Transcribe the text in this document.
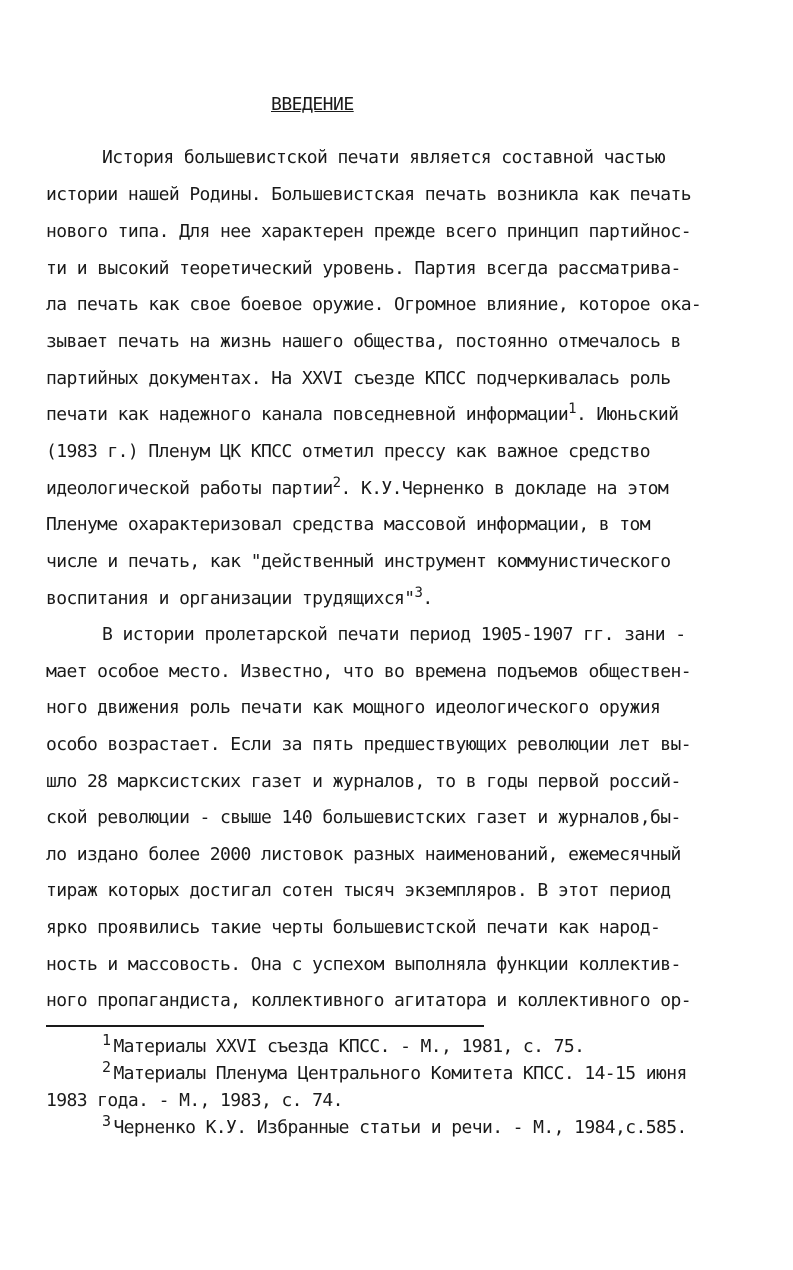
ВВЕДЕНИЕ
История большевистской печати является составной частью
истории нашей Родины. Большевистская печать возникла как печать
нового типа. Для нее характерен прежде всего принцип партийнос-
ти и высокий теоретический уровень. Партия всегда рассматрива-
ла печать как свое боевое оружие. Огромное влияние, которое ока-
зывает печать на жизнь нашего общества, постоянно отмечалось в
партийных документах. На XXVI съезде КПСС подчеркивалась роль
печати как надежного канала повседневной информации$^1$. Июньский
(1983 г.) Пленум ЦК КПСС отметил прессу как важное средство
идеологической работы партии$^2$. К.У.Черненко в докладе на этом
Пленуме охарактеризовал средства массовой информации, в том
числе и печать, как "действенный инструмент коммунистического
воспитания и организации трудящихся"$^3$.
В истории пролетарской печати период 1905-1907 гг. зани -
мает особое место. Известно, что во времена подъемов обществен-
ного движения роль печати как мощного идеологического оружия
особо возрастает. Если за пять предшествующих революции лет вы-
шло 28 марксистских газет и журналов, то в годы первой россий-
ской революции - свыше 140 большевистских газет и журналов,бы-
ло издано более 2000 листовок разных наименований, ежемесячный
тираж которых достигал сотен тысяч экземпляров. В этот период
ярко проявились такие черты большевистской печати как народ-
ность и массовость. Она с успехом выполняла функции коллектив-
ного пропагандиста, коллективного агитатора и коллективного ор-
$^1$ Материалы XXVI съезда КПСС. - М., 1981, с. 75.
$^2$ Материалы Пленума Центрального Комитета КПСС. 14-15 июня
1983 года. - М., 1983, с. 74.
$^3$ Черненко К.У. Избранные статьи и речи. - М., 1984,с.585.
